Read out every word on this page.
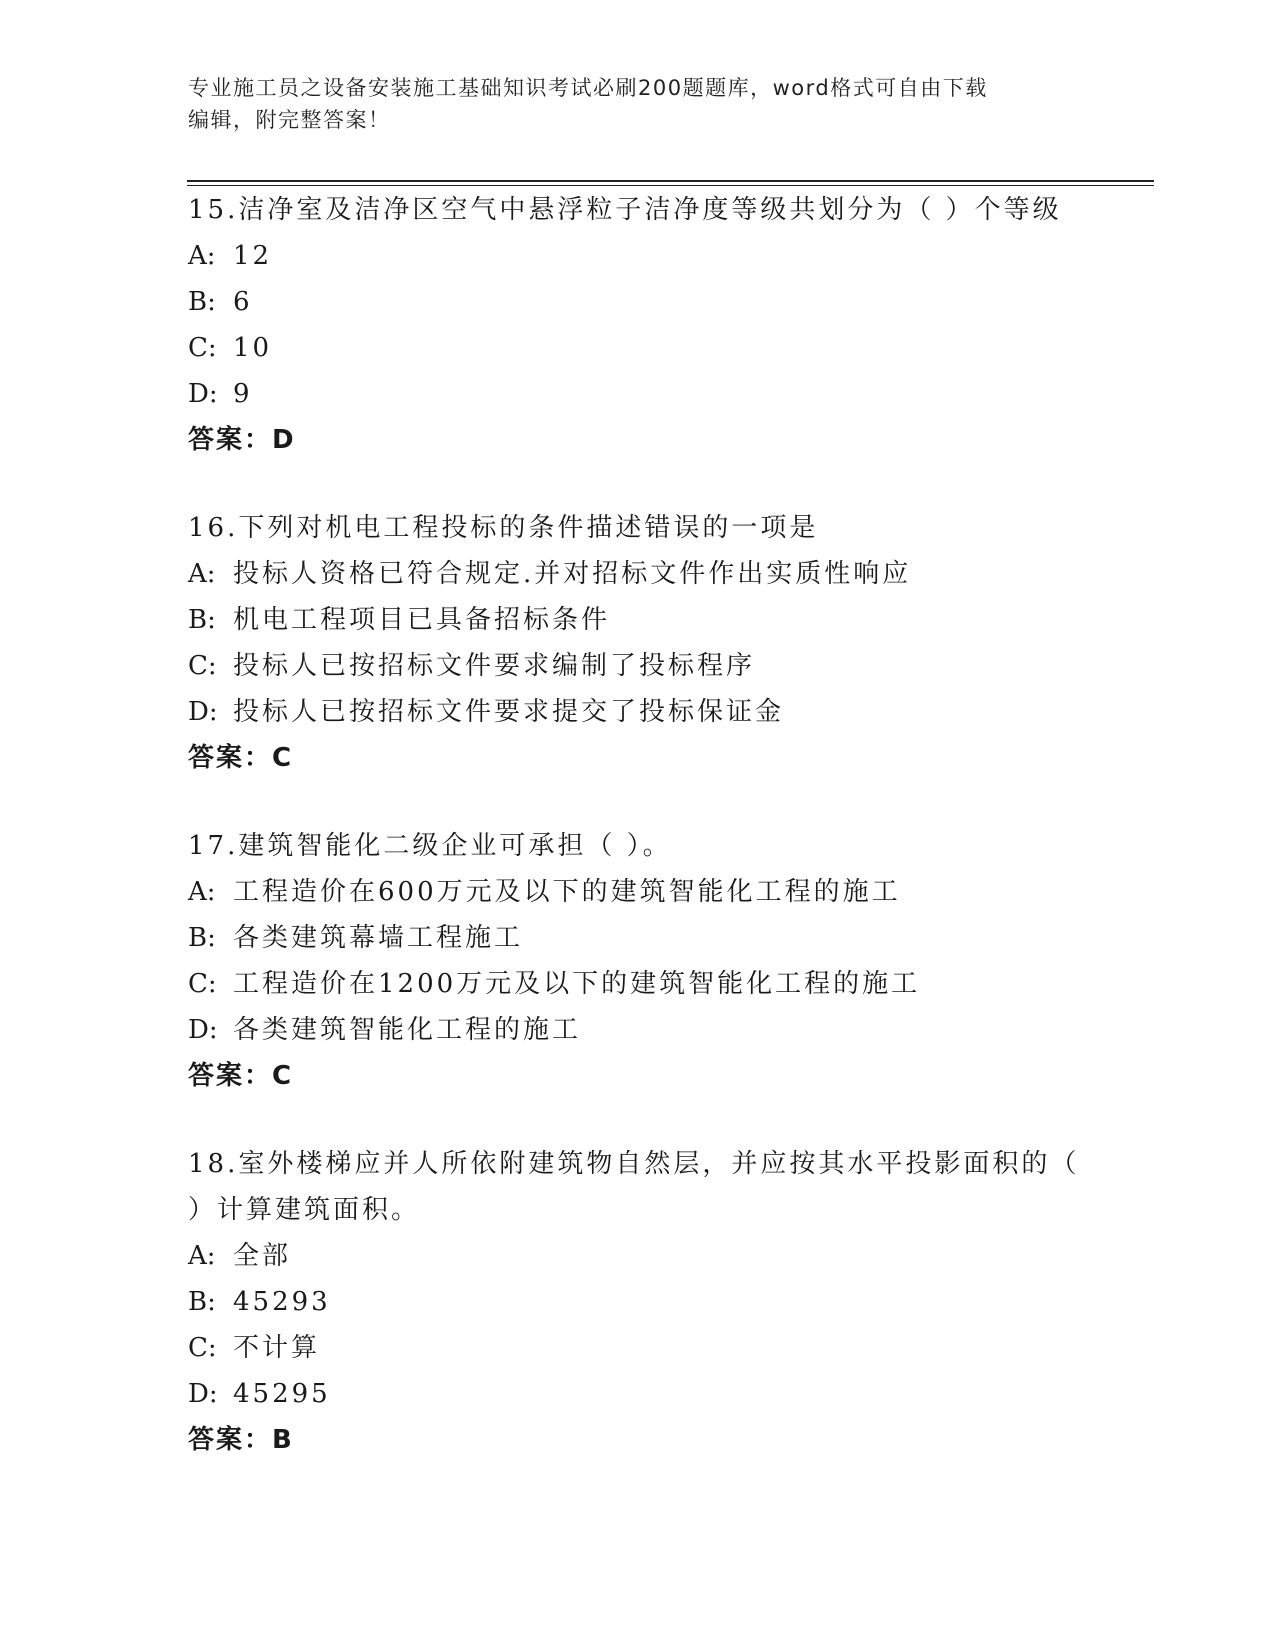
专业施工员之设备安装施工基础知识考试必刷200题题库，word格式可自由下载
编辑，附完整答案！
15.洁净室及洁净区空气中悬浮粒子洁净度等级共划分为（ ）个等级
A: 12
B: 6
C: 10
D: 9
答案：D
16.下列对机电工程投标的条件描述错误的一项是
A: 投标人资格已符合规定.并对招标文件作出实质性响应
B: 机电工程项目已具备招标条件
C: 投标人已按招标文件要求编制了投标程序
D: 投标人已按招标文件要求提交了投标保证金
答案：C
17.建筑智能化二级企业可承担（ ）。
A: 工程造价在600万元及以下的建筑智能化工程的施工
B: 各类建筑幕墙工程施工
C: 工程造价在1200万元及以下的建筑智能化工程的施工
D: 各类建筑智能化工程的施工
答案：C
18.室外楼梯应并人所依附建筑物自然层，并应按其水平投影面积的（
）计算建筑面积。
A: 全部
B: 45293
C: 不计算
D: 45295
答案：B
